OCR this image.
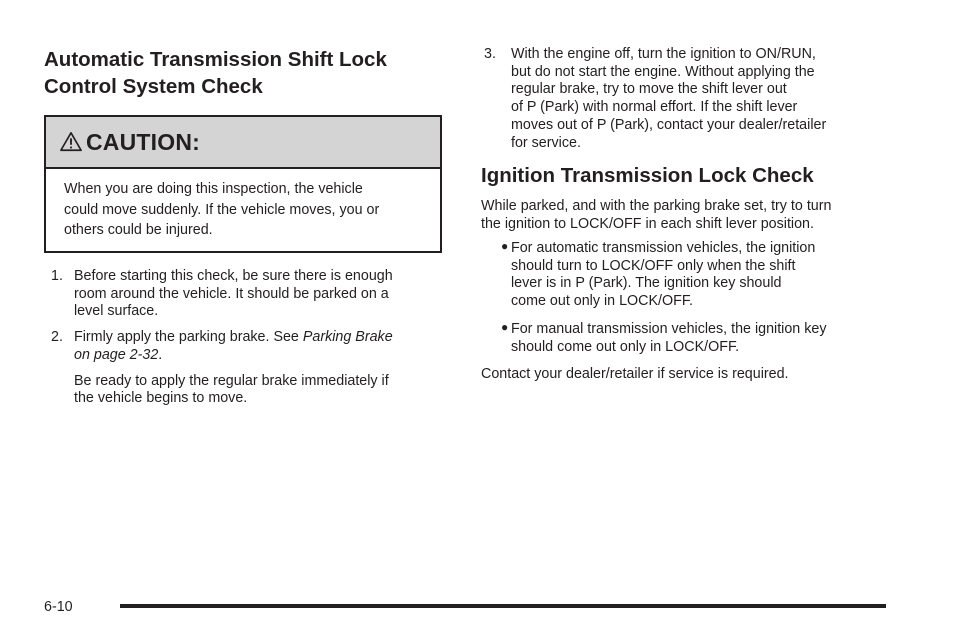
Automatic Transmission Shift Lock
Control System Check
CAUTION:
When you are doing this inspection, the vehicle
could move suddenly. If the vehicle moves, you or
others could be injured.
1. Before starting this check, be sure there is enough
room around the vehicle. It should be parked on a
level surface.
2. Firmly apply the parking brake. See Parking Brake
on page 2-32.
Be ready to apply the regular brake immediately if
the vehicle begins to move.
3. With the engine off, turn the ignition to ON/RUN,
but do not start the engine. Without applying the
regular brake, try to move the shift lever out
of P (Park) with normal effort. If the shift lever
moves out of P (Park), contact your dealer/retailer
for service.
Ignition Transmission Lock Check
While parked, and with the parking brake set, try to turn
the ignition to LOCK/OFF in each shift lever position.
● For automatic transmission vehicles, the ignition
should turn to LOCK/OFF only when the shift
lever is in P (Park). The ignition key should
come out only in LOCK/OFF.
● For manual transmission vehicles, the ignition key
should come out only in LOCK/OFF.
Contact your dealer/retailer if service is required.
6-10
